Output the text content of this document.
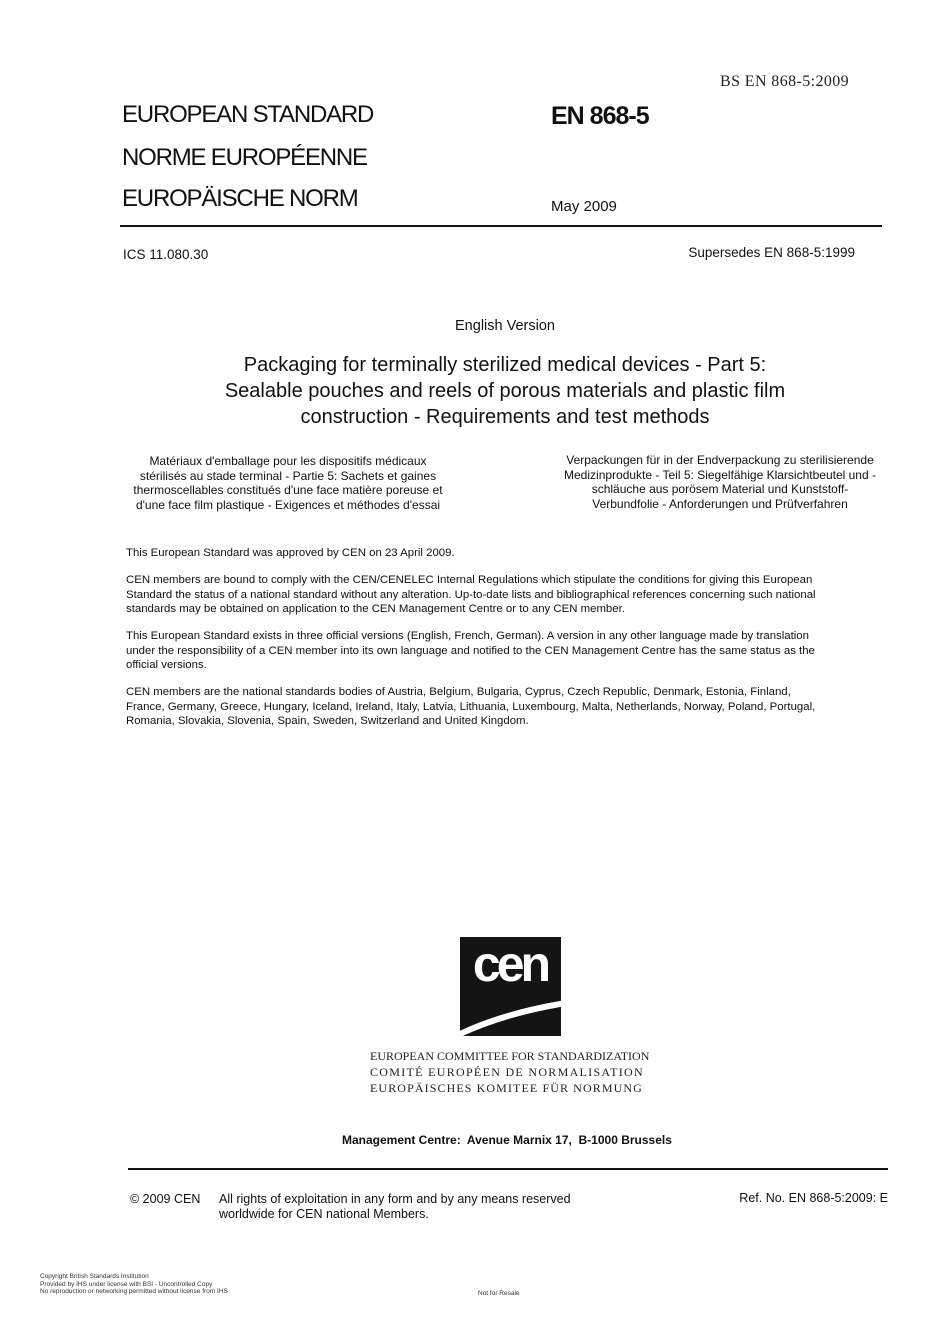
BS EN 868-5:2009
EUROPEAN STANDARD
NORME EUROPÉENNE
EUROPÄISCHE NORM
EN 868-5
May 2009
ICS 11.080.30	Supersedes EN 868-5:1999
English Version
Packaging for terminally sterilized medical devices - Part 5:
Sealable pouches and reels of porous materials and plastic film
construction - Requirements and test methods
Matériaux d'emballage pour les dispositifs médicaux
stérilisés au stade terminal - Partie 5: Sachets et gaines
thermoscellables constitués d'une face matière poreuse et
d'une face film plastique - Exigences et méthodes d'essai
Verpackungen für in der Endverpackung zu sterilisierende
Medizinprodukte - Teil 5: Siegelfähige Klarsichtbeutel und -
schläuche aus porösem Material und Kunststoff-
Verbundfolie - Anforderungen und Prüfverfahren
This European Standard was approved by CEN on 23 April 2009.
CEN members are bound to comply with the CEN/CENELEC Internal Regulations which stipulate the conditions for giving this European
Standard the status of a national standard without any alteration. Up-to-date lists and bibliographical references concerning such national
standards may be obtained on application to the CEN Management Centre or to any CEN member.
This European Standard exists in three official versions (English, French, German). A version in any other language made by translation
under the responsibility of a CEN member into its own language and notified to the CEN Management Centre has the same status as the
official versions.
CEN members are the national standards bodies of Austria, Belgium, Bulgaria, Cyprus, Czech Republic, Denmark, Estonia, Finland,
France, Germany, Greece, Hungary, Iceland, Ireland, Italy, Latvia, Lithuania, Luxembourg, Malta, Netherlands, Norway, Poland, Portugal,
Romania, Slovakia, Slovenia, Spain, Sweden, Switzerland and United Kingdom.
cen
EUROPEAN COMMITTEE FOR STANDARDIZATION
COMITÉ EUROPÉEN DE NORMALISATION
EUROPÄISCHES KOMITEE FÜR NORMUNG
Management Centre:  Avenue Marnix 17,  B-1000 Brussels
© 2009 CEN All rights of exploitation in any form and by any means reserved
worldwide for CEN national Members.
Ref. No. EN 868-5:2009: E
Copyright British Standards Institution
Provided by IHS under license with BSI - Uncontrolled Copy
No reproduction or networking permitted without license from IHS	Not for Resale
